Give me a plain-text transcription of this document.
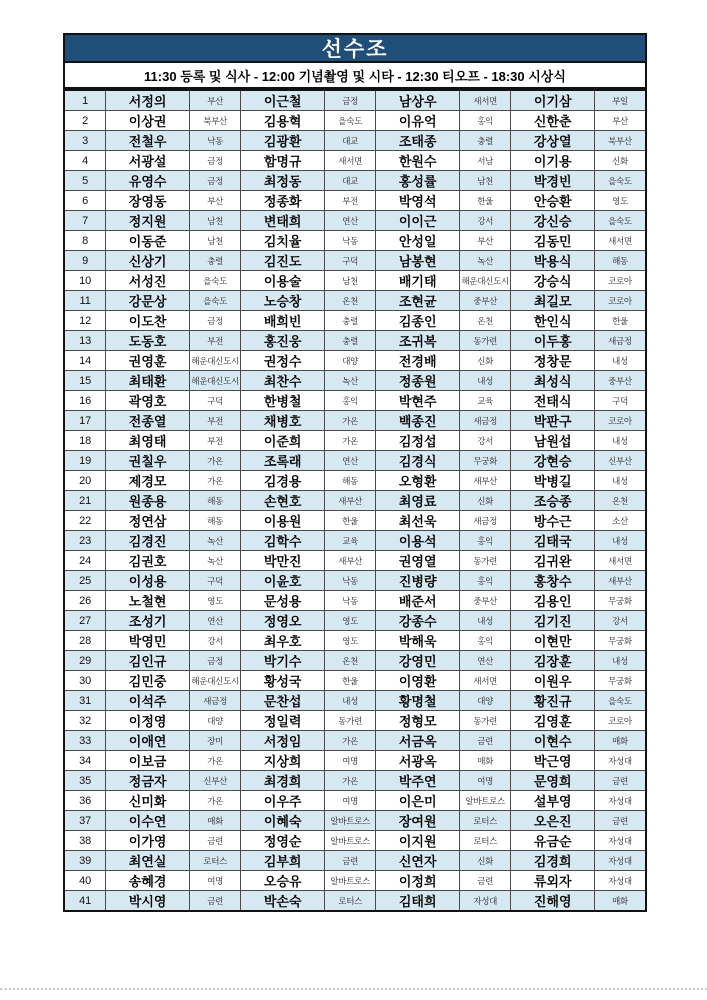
선수조
11:30 등록 및 식사 - 12:00 기념촬영 및 시타 - 12:30 티오프 - 18:30 시상식
1	서정의	부산	이근철	금정	남상우	새서면	이기삼	부일
2	이상권	북부산	김용혁	을숙도	이유억	홍익	신한춘	부산
3	전철우	낙동	김광환	대교	조태종	충렬	강상열	북부산
4	서광설	금정	함명규	새서면	한원수	서남	이기용	신화
5	유영수	금정	최정동	대교	홍성률	남천	박경빈	을숙도
6	장영동	부산	정종화	부전	박영석	한울	안승환	영도
7	정지원	남천	변태희	연산	이이근	강서	강신승	을숙도
8	이동준	남천	김치율	낙동	안성일	부산	김동민	새서면
9	신상기	충렬	김진도	구덕	남봉현	녹산	박용식	해동
10	서성진	을숙도	이용술	남천	배기태	해운대신도시	강승식	코로아
11	강문상	을숙도	노승창	온천	조현균	중부산	최길모	코로아
12	이도찬	금정	배희빈	충렬	김종인	온천	한인식	한울
13	도동호	부전	홍진웅	충렬	조귀복	동가련	이두홍	새금정
14	권영훈	해운대신도시	권정수	대양	전경배	신화	정창문	내성
15	최태환	해운대신도시	최찬수	녹산	정종원	내성	최성식	중부산
16	곽영호	구덕	한병철	홍익	박현주	교육	전태식	구덕
17	전종열	부전	채병호	가온	백종진	새금정	박판구	코로아
18	최영태	부전	이준희	가온	김정섭	강서	남원섭	내성
19	권칠우	가온	조록래	연산	김경식	무궁화	강현승	신부산
20	제경모	가온	김경용	해동	오형환	새부산	박병길	내성
21	원종용	해동	손현호	새부산	최영료	신화	조승종	온천
22	정연삼	해동	이용원	한울	최선욱	새금정	방수근	소산
23	김경진	녹산	김학수	교육	이용석	홍익	김태국	내성
24	김권호	녹산	박만진	새부산	권영열	동가련	김귀완	새서면
25	이성용	구덕	이윤호	낙동	진병량	홍익	홍창수	새부산
26	노철현	영도	문성용	낙동	배준서	중부산	김용인	무궁화
27	조성기	연산	정영오	영도	강종수	내성	김기진	강서
28	박영민	강서	최우호	영도	박해욱	홍익	이현만	무궁화
29	김인규	금정	박기수	온천	강영민	연산	김장훈	내성
30	김민중	해운대신도시	황성국	한울	이영환	새서면	이원우	무궁화
31	이석주	새금정	문찬섭	내성	황명철	대양	황진규	을숙도
32	이정영	대양	정일력	동가련	정형모	동가련	김영훈	코로아
33	이애연	장미	서정임	가온	서금옥	금련	이현수	매화
34	이보금	가온	지상희	여명	서광옥	매화	박근영	자성대
35	정금자	신부산	최경희	가온	박주연	여명	문영희	금련
36	신미화	가온	이우주	여명	이은미	알바트로스	설부영	자성대
37	이수연	매화	이혜숙	알바트로스	장여원	로터스	오은진	금련
38	이가영	금련	정영순	알바트로스	이지원	로터스	유금순	자성대
39	최연실	로터스	김부희	금련	신연자	신화	김경희	자성대
40	송혜경	여명	오승유	알바트로스	이정희	금련	류외자	자성대
41	박시영	금련	박손숙	로터스	김태희	자성대	진해영	매화
